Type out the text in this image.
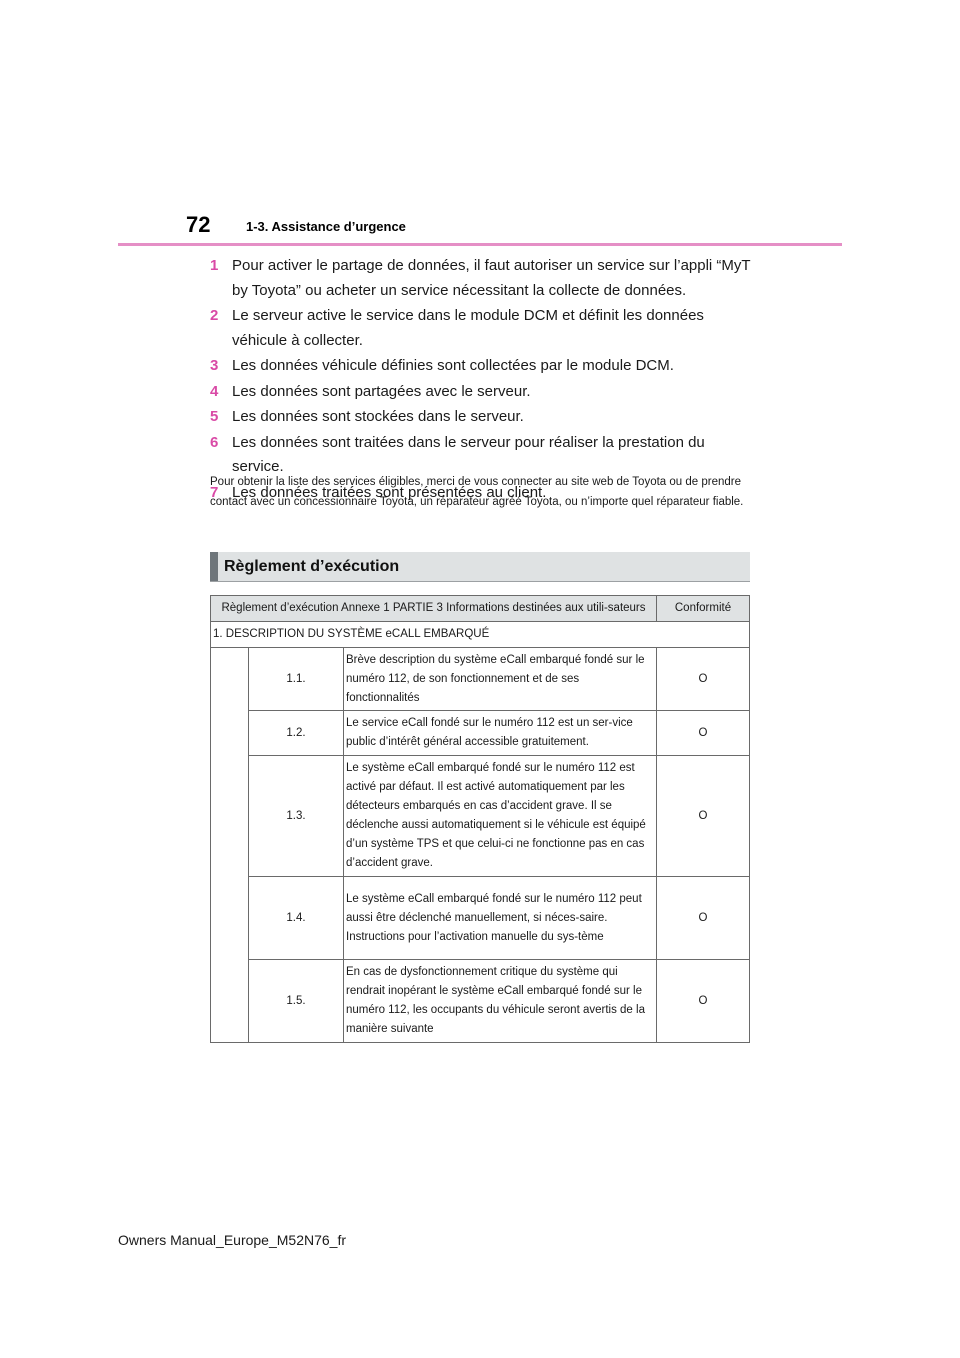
72	1-3. Assistance d’urgence
1 Pour activer le partage de données, il faut autoriser un service sur l’appli “MyT by Toyota” ou acheter un service nécessitant la collecte de données.
2 Le serveur active le service dans le module DCM et définit les données véhicule à collecter.
3 Les données véhicule définies sont collectées par le module DCM.
4 Les données sont partagées avec le serveur.
5 Les données sont stockées dans le serveur.
6 Les données sont traitées dans le serveur pour réaliser la prestation du service.
7 Les données traitées sont présentées au client.
Pour obtenir la liste des services éligibles, merci de vous connecter au site web de Toyota ou de prendre contact avec un concessionnaire Toyota, un réparateur agréé Toyota, ou n’importe quel réparateur fiable.
Règlement d’exécution
Règlement d’exécution Annexe 1 PARTIE 3 Informations destinées aux utili-sateurs			Conformité
1. DESCRIPTION DU SYSTÈME eCALL EMBARQUÉ			
	1.1.	Brève description du système eCall embarqué fondé sur le numéro 112, de son fonctionnement et de ses fonctionnalités	O
	1.2.	Le service eCall fondé sur le numéro 112 est un ser-vice public d’intérêt général accessible gratuitement.	O
	1.3.	Le système eCall embarqué fondé sur le numéro 112 est activé par défaut. Il est activé automatiquement par les détecteurs embarqués en cas d’accident grave. Il se déclenche aussi automatiquement si le véhicule est équipé d’un système TPS et que celui-ci ne fonctionne pas en cas d’accident grave.	O
	1.4.	Le système eCall embarqué fondé sur le numéro 112 peut aussi être déclenché manuellement, si néces-saire. Instructions pour l’activation manuelle du sys-tème	O
	1.5.	En cas de dysfonctionnement critique du système qui rendrait inopérant le système eCall embarqué fondé sur le numéro 112, les occupants du véhicule seront avertis de la manière suivante	O
Owners Manual_Europe_M52N76_fr
